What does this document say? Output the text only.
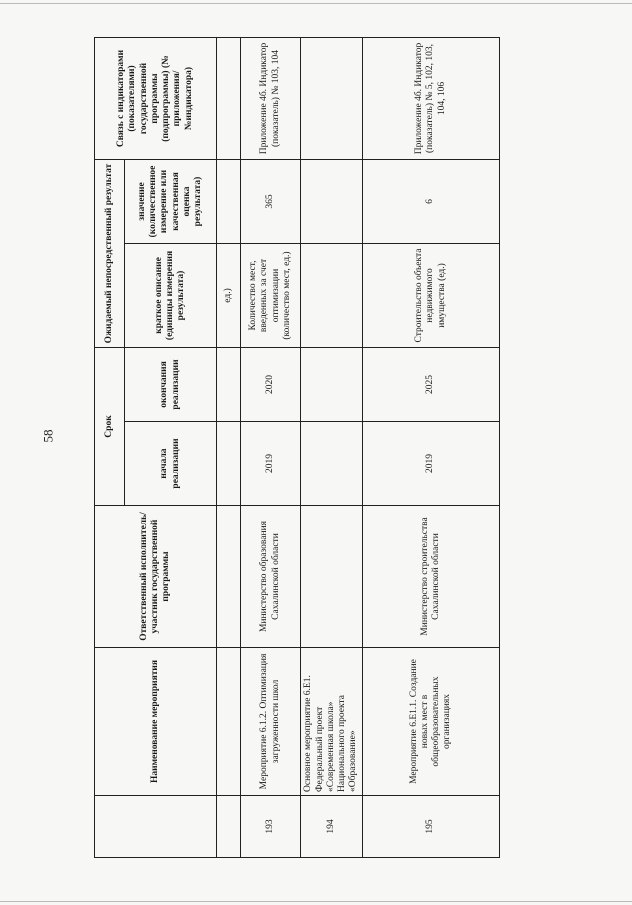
58
	Наименование мероприятия	Ответственный исполнитель/участник государственной программы	Срок		Ожидаемый непосредственный результат		Связь с индикаторами (показателями) государственной программы (подпрограммы) (№ приложения/№индикатора)
			начала реализации	окончания реализации	краткое описание (единицы измерения результата)	значение (количественное измерение или качественная оценка результата)	
					ед.)		
193	Мероприятие 6.1.2. Оптимизация загруженности школ	Министерство образования Сахалинской области	2019	2020	Количество мест, введенных за счет оптимизации (количество мест, ед.)	365	Приложение 4б. Индикатор (показатель) № 103, 104
194	Основное мероприятие 6.Е1. Федеральный проект «Современная школа» Национального проекта «Образование»						
195	Мероприятие 6.Е1.1. Создание новых мест в общеобразовательных организациях	Министерство строительства Сахалинской области	2019	2025	Строительство объекта недвижимого имущества (ед.)	6	Приложение 4б. Индикатор (показатель) № 5, 102, 103, 104, 106
